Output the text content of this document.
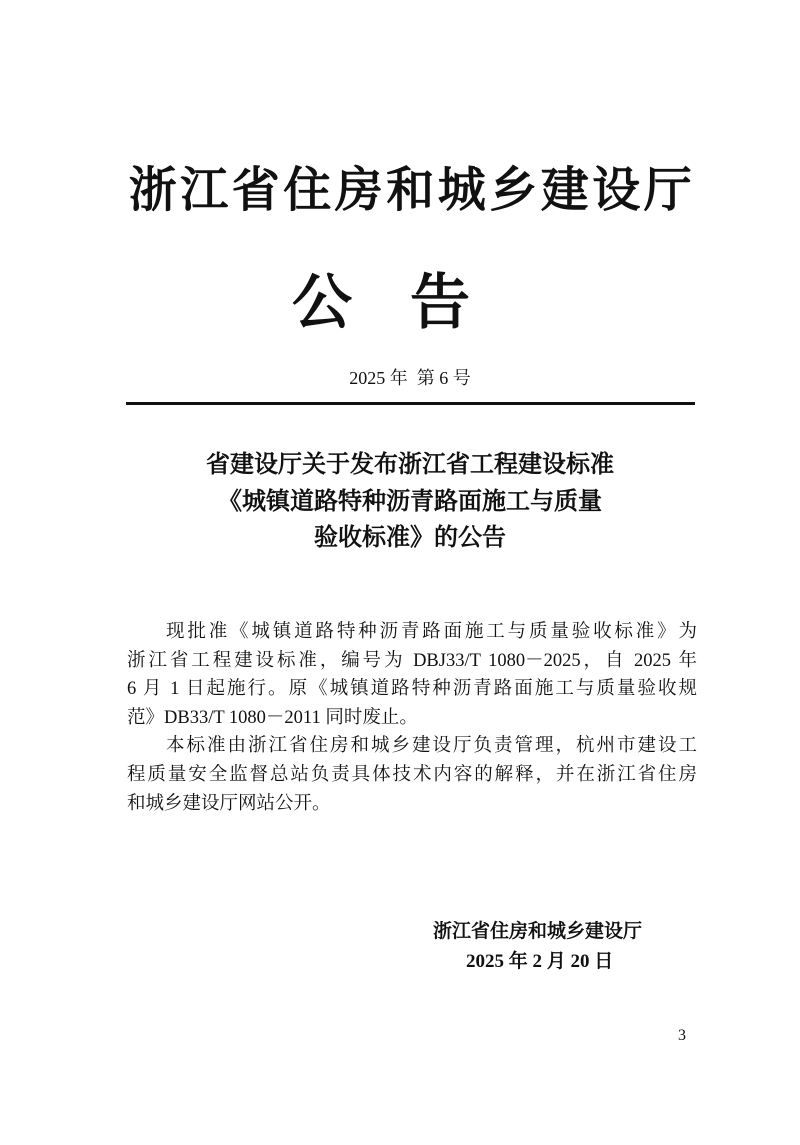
浙江省住房和城乡建设厅
公告
2025 年  第 6 号
省建设厅关于发布浙江省工程建设标准
《城镇道路特种沥青路面施工与质量
验收标准》的公告
现批准《城镇道路特种沥青路面施工与质量验收标准》为
浙江省工程建设标准，编号为 DBJ33/T 1080－2025，自 2025 年
6 月 1 日起施行。原《城镇道路特种沥青路面施工与质量验收规
范》DB33/T 1080－2011 同时废止。
本标准由浙江省住房和城乡建设厅负责管理，杭州市建设工
程质量安全监督总站负责具体技术内容的解释，并在浙江省住房
和城乡建设厅网站公开。
浙江省住房和城乡建设厅
2025 年 2 月 20 日
3
